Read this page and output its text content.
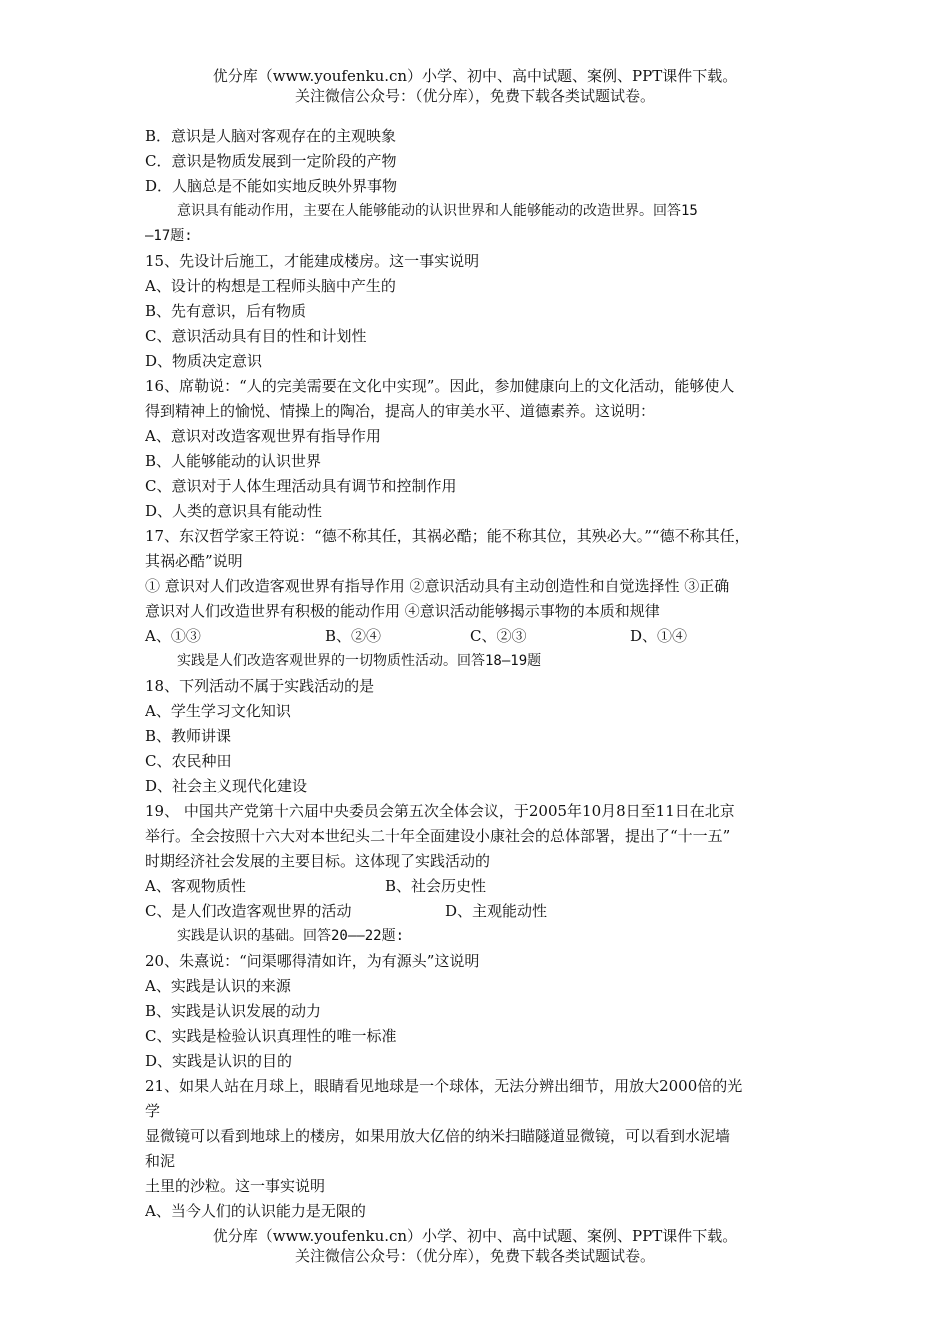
优分库（www.youfenku.cn）小学、初中、高中试题、案例、PPT课件下载。
关注微信公众号：（优分库），免费下载各类试题试卷。
B．意识是人脑对客观存在的主观映象
C．意识是物质发展到一定阶段的产物
D．人脑总是不能如实地反映外界事物
意识具有能动作用，主要在人能够能动的认识世界和人能够能动的改造世界。回答15
—17题:
15、先设计后施工，才能建成楼房。这一事实说明
A、设计的构想是工程师头脑中产生的
B、先有意识，后有物质
C、意识活动具有目的性和计划性
D、物质决定意识
16、席勒说：“人的完美需要在文化中实现”。因此，参加健康向上的文化活动，能够使人
得到精神上的愉悦、情操上的陶冶，提高人的审美水平、道德素养。这说明：
A、意识对改造客观世界有指导作用
B、人能够能动的认识世界
C、意识对于人体生理活动具有调节和控制作用
D、人类的意识具有能动性
17、东汉哲学家王符说：“德不称其任，其祸必酷；能不称其位，其殃必大。”“德不称其任，
其祸必酷”说明
① 意识对人们改造客观世界有指导作用 ②意识活动具有主动创造性和自觉选择性 ③正确
意识对人们改造世界有积极的能动作用 ④意识活动能够揭示事物的本质和规律
A、①③	B、②④	C、②③	D、①④
实践是人们改造客观世界的一切物质性活动。回答18—19题
18、下列活动不属于实践活动的是
A、学生学习文化知识
B、教师讲课
C、农民种田
D、社会主义现代化建设
19、 中国共产党第十六届中央委员会第五次全体会议，于2005年10月8日至11日在北京
举行。全会按照十六大对本世纪头二十年全面建设小康社会的总体部署，提出了“十一五”
时期经济社会发展的主要目标。这体现了实践活动的
A、客观物质性	B、社会历史性
C、是人们改造客观世界的活动	D、主观能动性
实践是认识的基础。回答20——22题:
20、朱熹说：“问渠哪得清如许，为有源头”这说明
A、实践是认识的来源
B、实践是认识发展的动力
C、实践是检验认识真理性的唯一标准
D、实践是认识的目的
21、如果人站在月球上，眼睛看见地球是一个球体，无法分辨出细节，用放大2000倍的光
学
显微镜可以看到地球上的楼房，如果用放大亿倍的纳米扫瞄隧道显微镜，可以看到水泥墙
和泥
土里的沙粒。这一事实说明
A、当今人们的认识能力是无限的
优分库（www.youfenku.cn）小学、初中、高中试题、案例、PPT课件下载。
关注微信公众号：（优分库），免费下载各类试题试卷。
